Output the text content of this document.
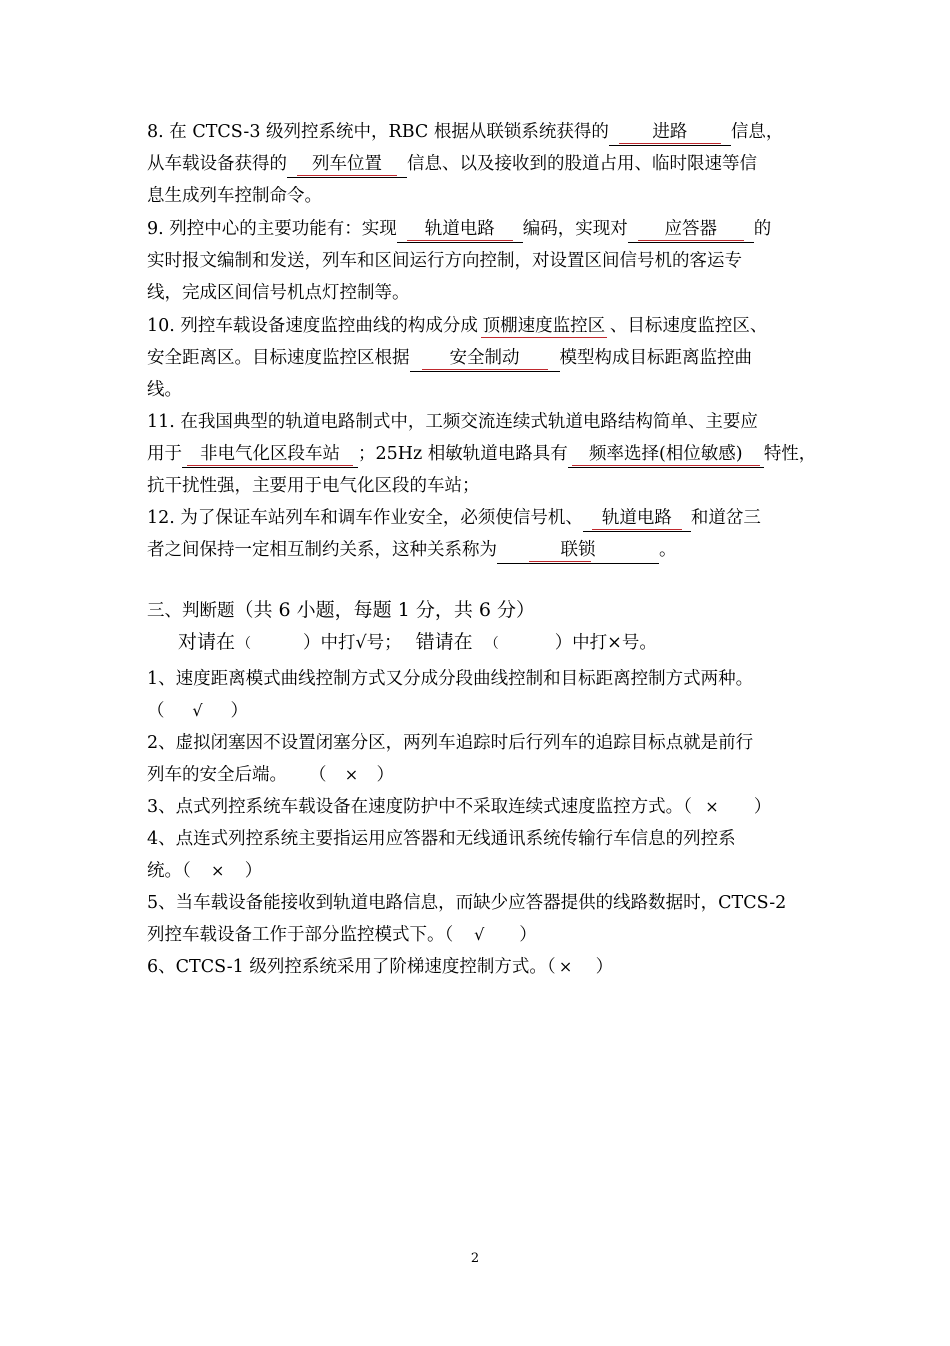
8. 在 CTCS-3 级列控系统中，RBC 根据从联锁系统获得的 进路 信息，
从车载设备获得的 列车位置 信息、以及接收到的股道占用、临时限速等信
息生成列车控制命令。
9. 列控中心的主要功能有：实现 轨道电路 编码，实现对 应答器 的
实时报文编制和发送，列车和区间运行方向控制，对设置区间信号机的客运专
线，完成区间信号机点灯控制等。
10. 列控车载设备速度监控曲线的构成分成 顶棚速度监控区 、目标速度监控区、
安全距离区。目标速度监控区根据 安全制动 模型构成目标距离监控曲
线。
11. 在我国典型的轨道电路制式中，工频交流连续式轨道电路结构简单、主要应
用于 非电气化区段车站 ；25Hz 相敏轨道电路具有 频率选择(相位敏感) 特性，
抗干扰性强，主要用于电气化区段的车站；
12. 为了保证车站列车和调车作业安全，必须使信号机、 轨道电路 和道岔三
者之间保持一定相互制约关系，这种关系称为	联锁	。
三、判断题（共 6 小题，每题 1 分，共 6 分）
对请在 （	）中打√号； 错请在 （	）中打×号。
1、速度距离模式曲线控制方式又分成分段曲线控制和目标距离控制方式两种。
（ √ ）
2、虚拟闭塞因不设置闭塞分区，两列车追踪时后行列车的追踪目标点就是前行
列车的安全后端。 （ × ）
3、点式列控系统车载设备在速度防护中不采取连续式速度监控方式。（ × ）
4、点连式列控系统主要指运用应答器和无线通讯系统传输行车信息的列控系
统。（ × ）
5、当车载设备能接收到轨道电路信息，而缺少应答器提供的线路数据时，CTCS-2
列控车载设备工作于部分监控模式下。（ √ ）
6、CTCS-1 级列控系统采用了阶梯速度控制方式。（ × ）
2
